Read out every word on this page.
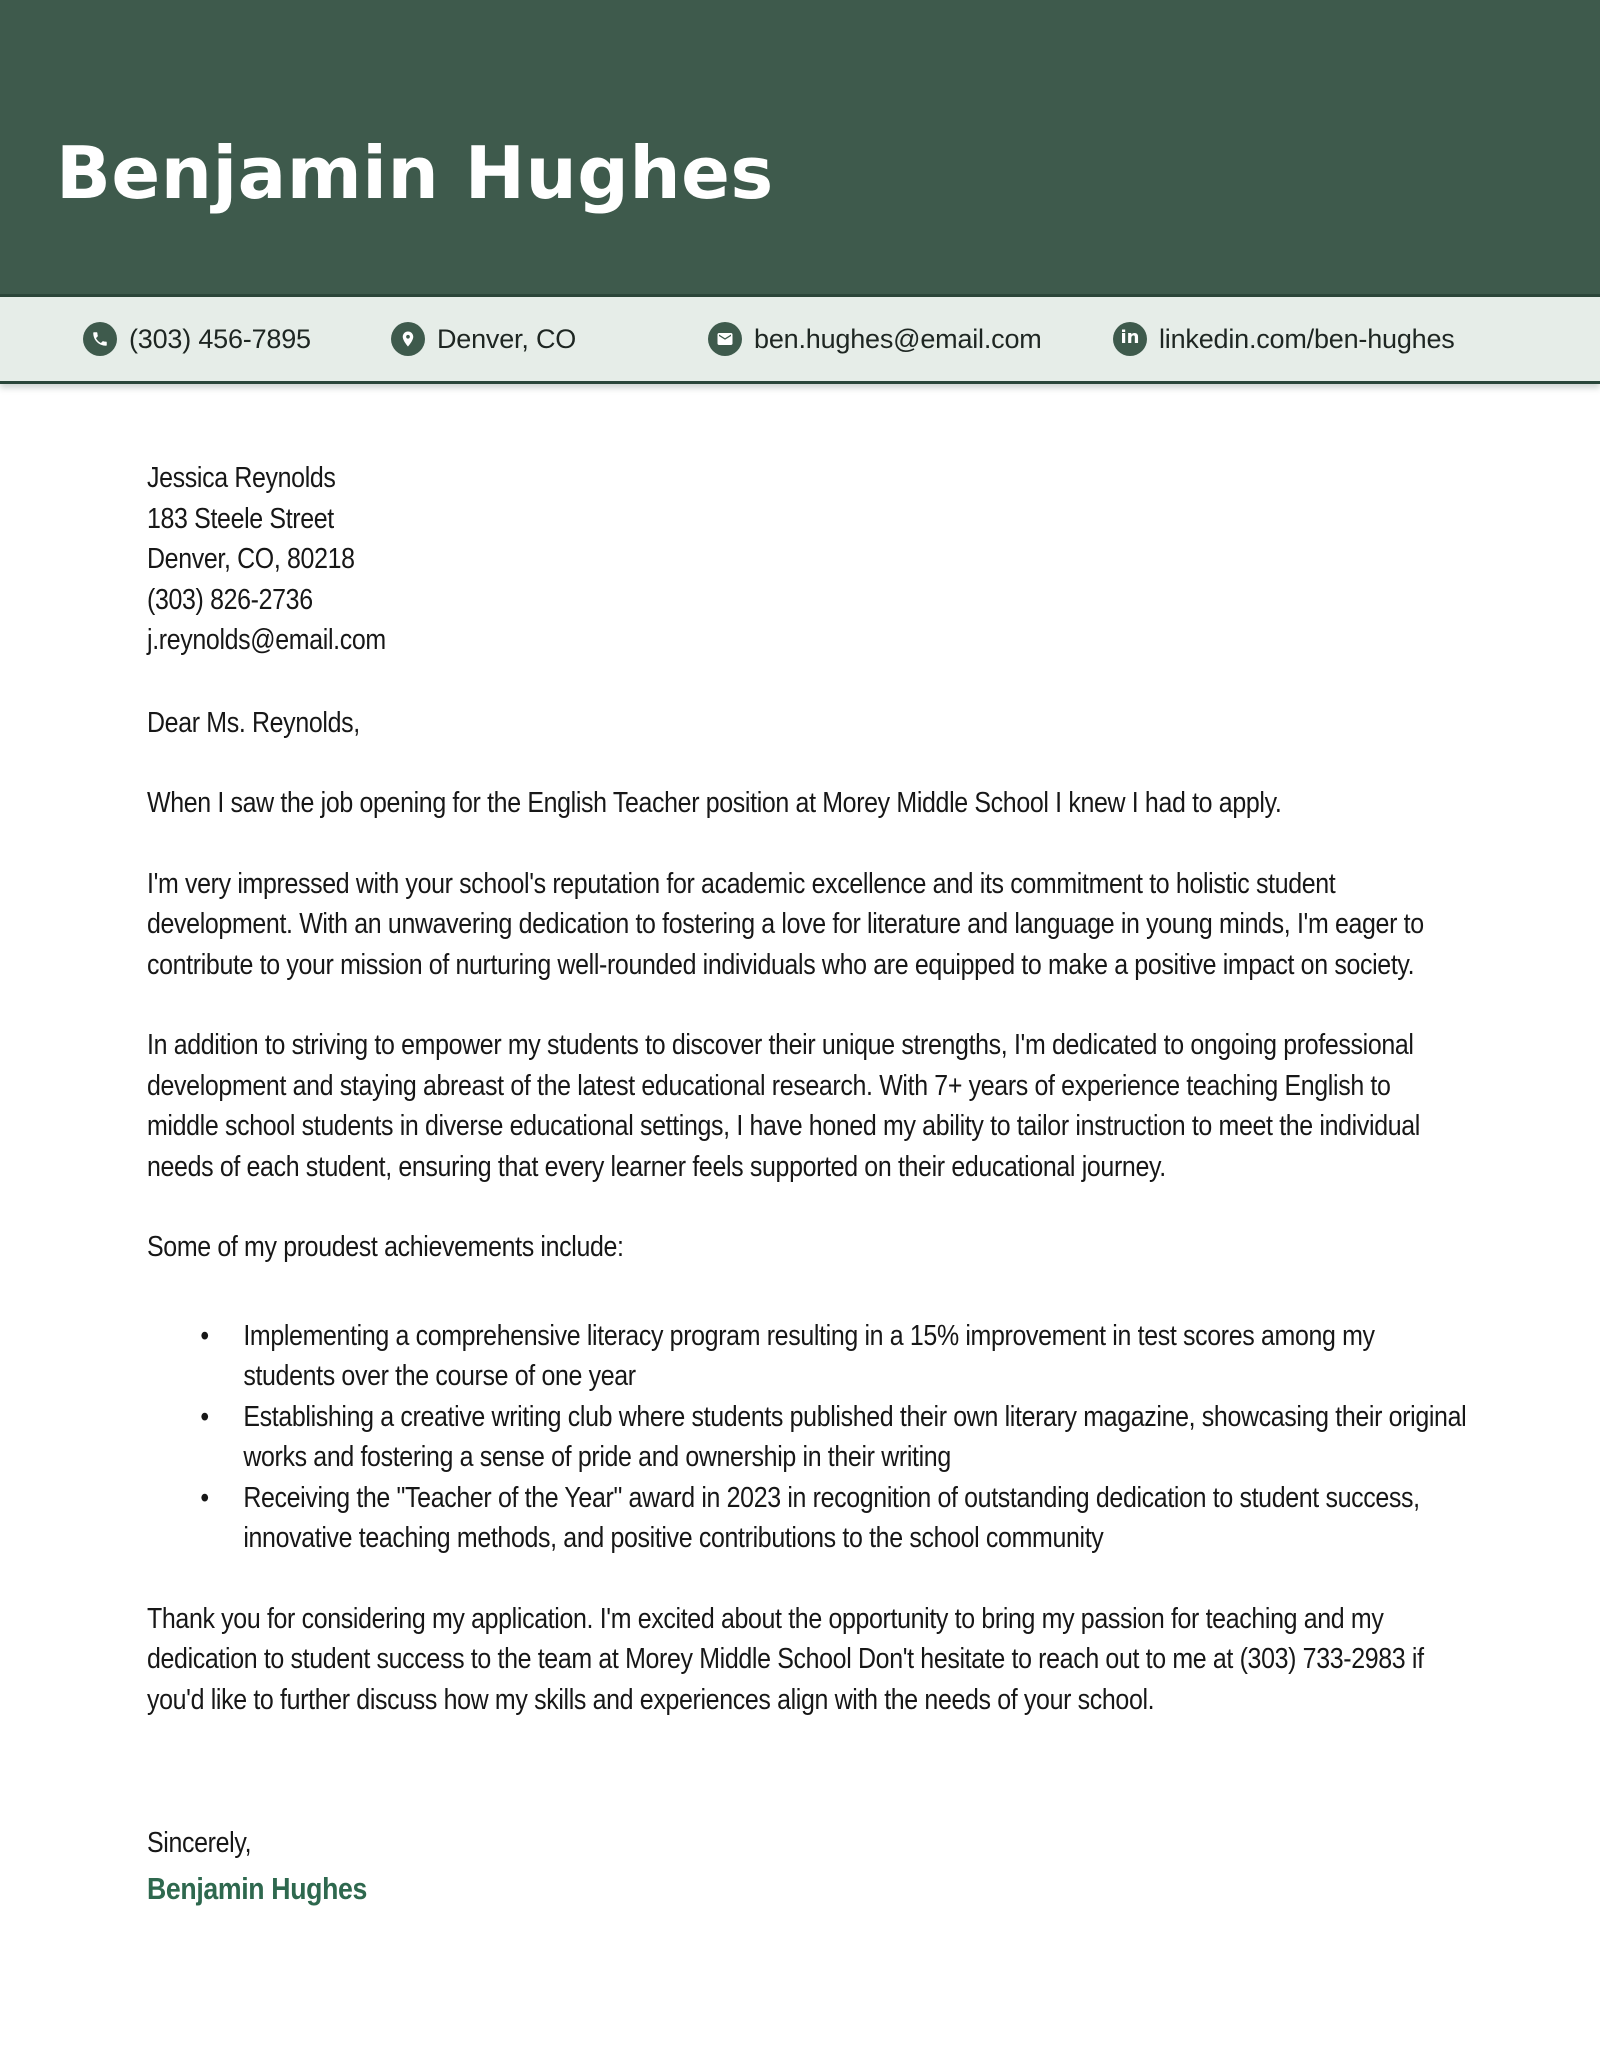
Benjamin Hughes
(303) 456-7895	Denver, CO	ben.hughes@email.com	in linkedin.com/ben-hughes
Jessica Reynolds
183 Steele Street
Denver, CO, 80218
(303) 826-2736
j.reynolds@email.com

Dear Ms. Reynolds,

When I saw the job opening for the English Teacher position at Morey Middle School I knew I had to apply.

I'm very impressed with your school's reputation for academic excellence and its commitment to holistic student development. With an unwavering dedication to fostering a love for literature and language in young minds, I'm eager to contribute to your mission of nurturing well-rounded individuals who are equipped to make a positive impact on society.

In addition to striving to empower my students to discover their unique strengths, I'm dedicated to ongoing professional development and staying abreast of the latest educational research. With 7+ years of experience teaching English to middle school students in diverse educational settings, I have honed my ability to tailor instruction to meet the individual needs of each student, ensuring that every learner feels supported on their educational journey.

Some of my proudest achievements include:

• Implementing a comprehensive literacy program resulting in a 15% improvement in test scores among my students over the course of one year
• Establishing a creative writing club where students published their own literary magazine, showcasing their original works and fostering a sense of pride and ownership in their writing
• Receiving the "Teacher of the Year" award in 2023 in recognition of outstanding dedication to student success, innovative teaching methods, and positive contributions to the school community

Thank you for considering my application. I'm excited about the opportunity to bring my passion for teaching and my dedication to student success to the team at Morey Middle School Don't hesitate to reach out to me at (303) 733-2983 if you'd like to further discuss how my skills and experiences align with the needs of your school.

Sincerely,
Benjamin Hughes
